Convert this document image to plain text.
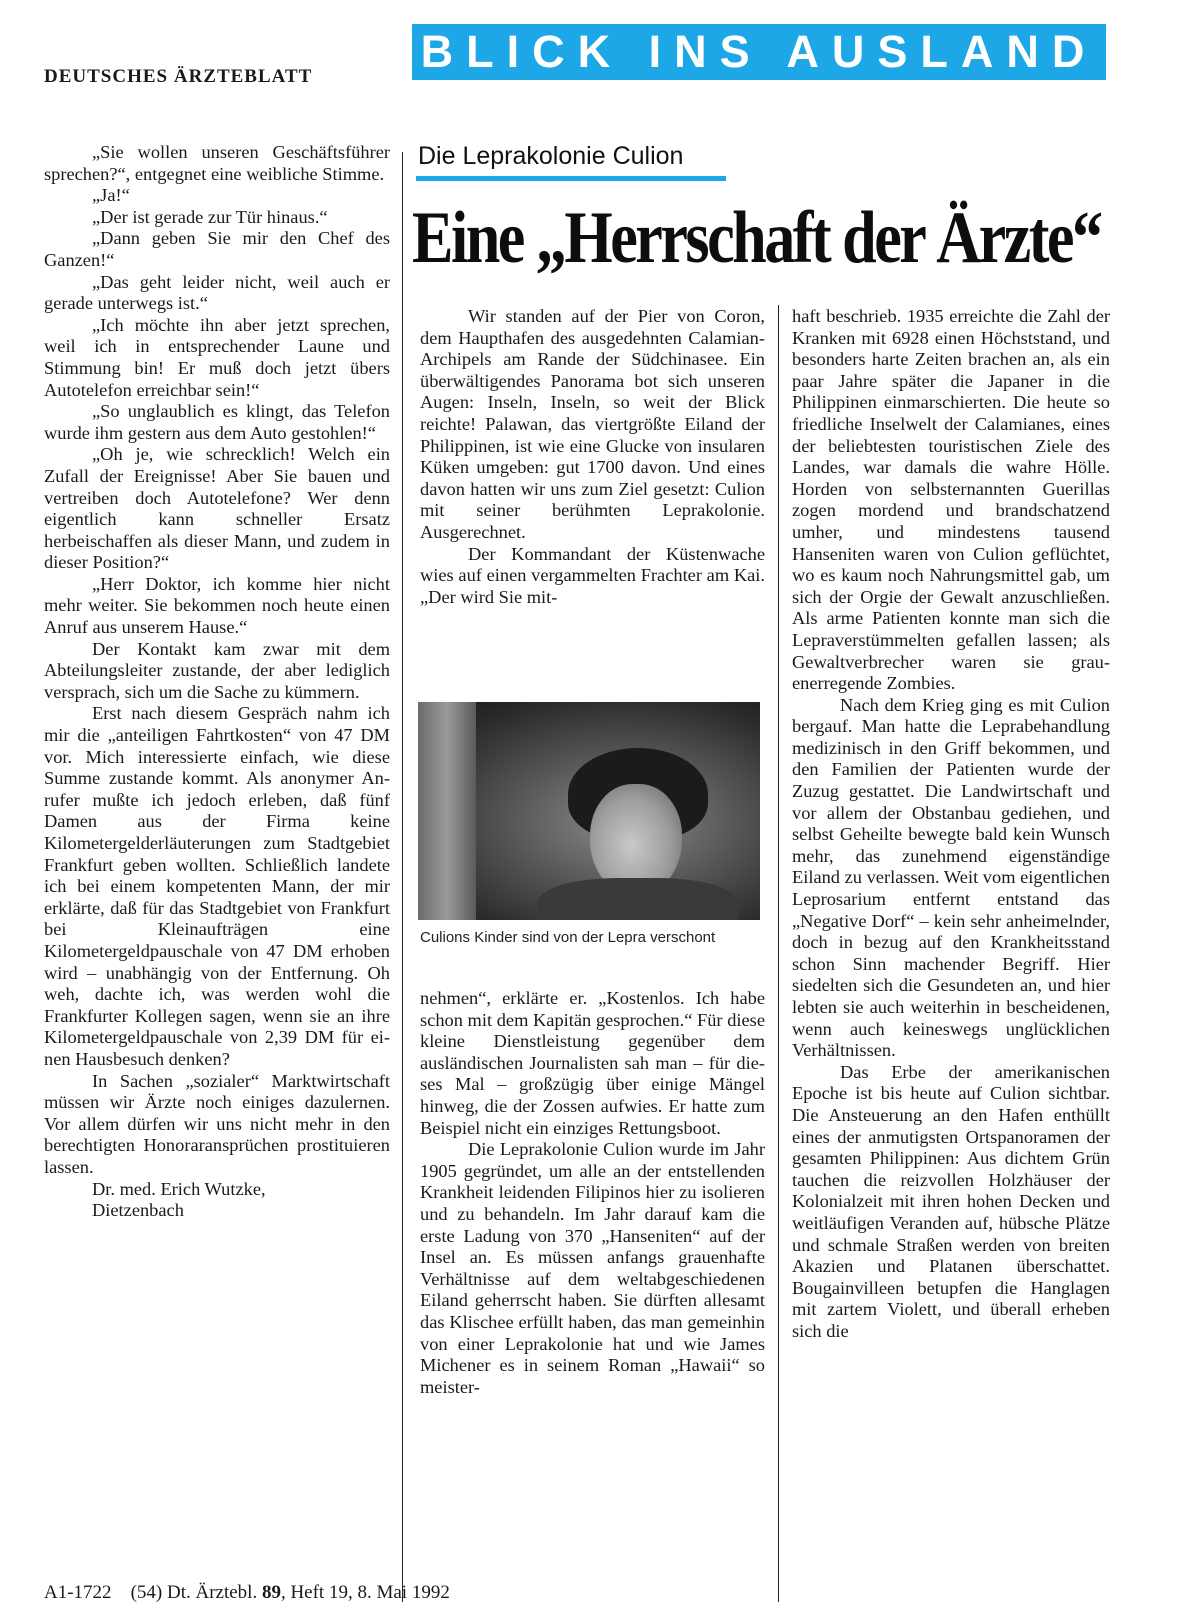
DEUTSCHES ÄRZTEBLATT BLICK INS AUSLAND

„Sie wollen unseren Geschäftsführer sprechen?“, entgegnet eine weibliche Stimme.

„Ja!“

„Der ist gerade zur Tür hinaus.“

„Dann geben Sie mir den Chef des Ganzen!“

„Das geht leider nicht, weil auch er gerade unterwegs ist.“

„Ich möchte ihn aber jetzt sprechen, weil ich in entsprechender Laune und Stimmung bin! Er muß doch jetzt übers Autotelefon erreichbar sein!“

„So unglaublich es klingt, das Telefon wurde ihm gestern aus dem Auto gestohlen!“

„Oh je, wie schrecklich! Welch ein Zufall der Ereignisse! Aber Sie bauen und vertreiben doch Autotelefone? Wer denn eigentlich kann schneller Ersatz herbeischaffen als dieser Mann, und zudem in dieser Position?“

„Herr Doktor, ich komme hier nicht mehr weiter. Sie bekommen noch heute einen Anruf aus unserem Hause.“

Der Kontakt kam zwar mit dem Abteilungsleiter zustande, der aber lediglich versprach, sich um die Sache zu kümmern.

Erst nach diesem Gespräch nahm ich mir die „anteiligen Fahrtkosten“ von 47 DM vor. Mich interessierte einfach, wie diese Summe zustande kommt. Als anonymer Anrufer mußte ich jedoch erleben, daß fünf Damen aus der Firma keine Kilometergelderläuterungen zum Stadtgebiet Frankfurt geben wollten. Schließlich landete ich bei einem kompetenten Mann, der mir erklärte, daß für das Stadtgebiet von Frankfurt bei Kleinaufträgen eine Kilometergeldpauschale von 47 DM erhoben wird – unabhängig von der Entfernung. Oh weh, dachte ich, was werden wohl die Frankfurter Kollegen sagen, wenn sie an ihre Kilometergeldpauschale von 2,39 DM für einen Hausbesuch denken?

In Sachen „sozialer“ Marktwirtschaft müssen wir Ärzte noch einiges dazulernen. Vor allem dürfen wir uns nicht mehr in den berechtigten Honoraransprüchen prostituieren lassen.

Dr. med. Erich Wutzke,

Dietzenbach

Die Leprakolonie Culion
Eine „Herrschaft der Ärzte“

Wir standen auf der Pier von Coron, dem Haupthafen des ausgedehnten Calamian-Archipels am Rande der Südchinasee. Ein überwältigendes Panorama bot sich unseren Augen: Inseln, Inseln, so weit der Blick reichte! Palawan, das viertgrößte Eiland der Philippinen, ist wie eine Glucke von insularen Küken umgeben: gut 1700 davon. Und eines davon hatten wir uns zum Ziel gesetzt: Culion mit seiner berühmten Leprakolonie. Ausgerechnet.

Der Kommandant der Küstenwache wies auf einen vergammelten Frachter am Kai. „Der wird Sie mit-

Culions Kinder sind von der Lepra verschont

nehmen“, erklärte er. „Kostenlos. Ich habe schon mit dem Kapitän gesprochen.“ Für diese kleine Dienstleistung gegenüber dem ausländischen Journalisten sah man – für dieses Mal – großzügig über einige Mängel hinweg, die der Zossen aufwies. Er hatte zum Beispiel nicht ein einziges Rettungsboot.

Die Leprakolonie Culion wurde im Jahr 1905 gegründet, um alle an der entstellenden Krankheit leidenden Filipinos hier zu isolieren und zu behandeln. Im Jahr darauf kam die erste Ladung von 370 „Hanseniten“ auf der Insel an. Es müssen anfangs grauenhafte Verhältnisse auf dem weltabgeschiedenen Eiland geherrscht haben. Sie dürften allesamt das Klischee erfüllt haben, das man gemeinhin von einer Leprakolonie hat und wie James Michener es in seinem Roman „Hawaii“ so meister-

haft beschrieb. 1935 erreichte die Zahl der Kranken mit 6928 einen Höchststand, und besonders harte Zeiten brachen an, als ein paar Jahre später die Japaner in die Philippinen einmarschierten. Die heute so friedliche Inselwelt der Calamianes, eines der beliebtesten touristischen Ziele des Landes, war damals die wahre Hölle. Horden von selbsternannten Guerillas zogen mordend und brandschatzend umher, und mindestens tausend Hanseniten waren von Culion geflüchtet, wo es kaum noch Nahrungsmittel gab, um sich der Orgie der Gewalt anzuschließen. Als arme Patienten konnte man sich die Lepraverstümmelten gefallen lassen; als Gewaltverbrecher waren sie grauenerregende Zombies.

Nach dem Krieg ging es mit Culion bergauf. Man hatte die Leprabehandlung medizinisch in den Griff bekommen, und den Familien der Patienten wurde der Zuzug gestattet. Die Landwirtschaft und vor allem der Obstanbau gediehen, und selbst Geheilte bewegte bald kein Wunsch mehr, das zunehmend eigenständige Eiland zu verlassen. Weit vom eigentlichen Leprosarium entfernt entstand das „Negative Dorf“ – kein sehr anheimelnder, doch in bezug auf den Krankheitsstand schon Sinn machender Begriff. Hier siedelten sich die Gesundeten an, und hier lebten sie auch weiterhin in bescheidenen, wenn auch keineswegs unglücklichen Verhältnissen.

Das Erbe der amerikanischen Epoche ist bis heute auf Culion sichtbar. Die Ansteuerung an den Hafen enthüllt eines der anmutigsten Ortspanoramen der gesamten Philippinen: Aus dichtem Grün tauchen die reizvollen Holzhäuser der Kolonialzeit mit ihren hohen Decken und weitläufigen Veranden auf, hübsche Plätze und schmale Straßen werden von breiten Akazien und Platanen überschattet. Bougainvilleen betupfen die Hanglagen mit zartem Violett, und überall erheben sich die

A1-1722 (54) Dt. Ärztebl. 89, Heft 19, 8. Mai 1992
